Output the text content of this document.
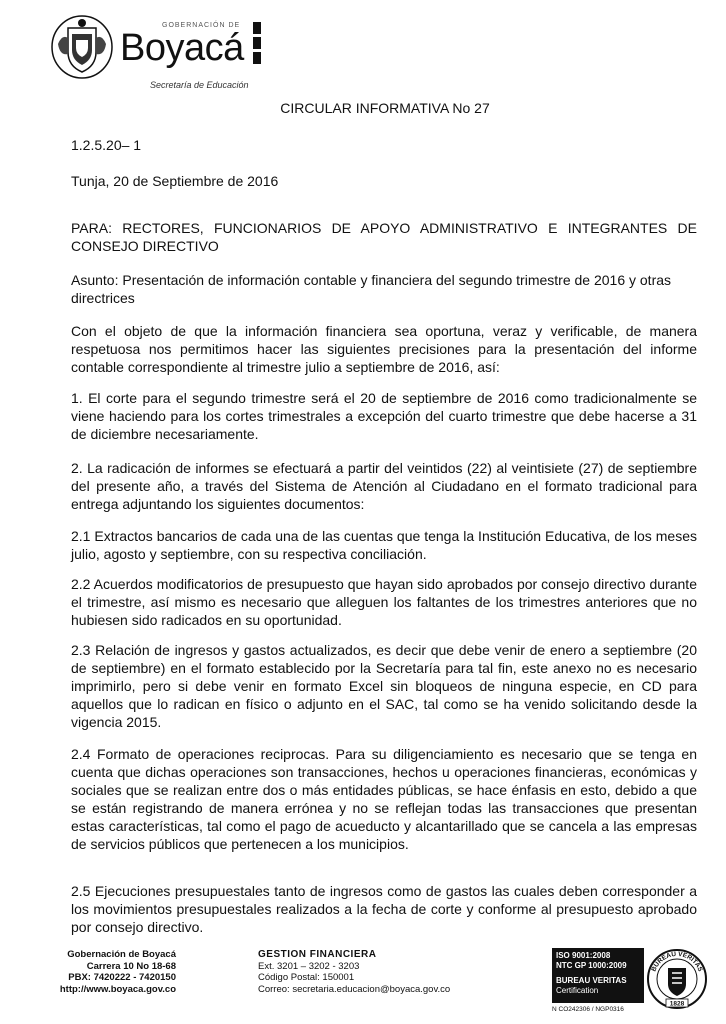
GOBERNACIÓN DE
Boyacá
Secretaría de Educación
CIRCULAR INFORMATIVA No 27
1.2.5.20– 1
Tunja, 20 de Septiembre de 2016

PARA: RECTORES, FUNCIONARIOS DE APOYO ADMINISTRATIVO E INTEGRANTES DE CONSEJO DIRECTIVO

Asunto: Presentación de información contable y financiera del segundo trimestre de 2016 y otras directrices

Con el objeto de que la información financiera sea oportuna, veraz y verificable, de manera respetuosa nos permitimos hacer las siguientes precisiones para la presentación del informe contable correspondiente al trimestre julio a septiembre de 2016, así:

1. El corte para el segundo trimestre será el 20 de septiembre de 2016 como tradicionalmente se viene haciendo para los cortes trimestrales a excepción del cuarto trimestre que debe hacerse a 31 de diciembre necesariamente.

2. La radicación de informes se efectuará a partir del veintidos (22) al veintisiete (27) de septiembre del presente año, a través del Sistema de Atención al Ciudadano en el formato tradicional para entrega adjuntando los siguientes documentos:

2.1 Extractos bancarios de cada una de las cuentas que tenga la Institución Educativa, de los meses julio, agosto y septiembre, con su respectiva conciliación.

2.2 Acuerdos modificatorios de presupuesto que hayan sido aprobados por consejo directivo durante el trimestre, así mismo es necesario que alleguen los faltantes de los trimestres anteriores que no hubiesen sido radicados en su oportunidad.

2.3 Relación de ingresos y gastos actualizados, es decir que debe venir de enero a septiembre (20 de septiembre) en el formato establecido por la Secretaría para tal fin, este anexo no es necesario imprimirlo, pero si debe venir en formato Excel sin bloqueos de ninguna especie, en CD para aquellos que lo radican en físico o adjunto en el SAC, tal como se ha venido solicitando desde la vigencia 2015.

2.4 Formato de operaciones reciprocas. Para su diligenciamiento es necesario que se tenga en cuenta que dichas operaciones son transacciones, hechos u operaciones financieras, económicas y sociales que se realizan entre dos o más entidades públicas, se hace énfasis en esto, debido a que se están registrando de manera errónea y no se reflejan todas las transacciones que presentan estas características, tal como el pago de acueducto y alcantarillado que se cancela a las empresas de servicios públicos que pertenecen a los municipios.

2.5 Ejecuciones presupuestales tanto de ingresos como de gastos las cuales deben corresponder a los movimientos presupuestales realizados a la fecha de corte y conforme al presupuesto aprobado por consejo directivo.

Gobernación de Boyacá
Carrera 10 No 18-68
PBX: 7420222 - 7420150
http://www.boyaca.gov.co
GESTION FINANCIERA
Ext. 3201 – 3202 - 3203
Código Postal: 150001
Correo: secretaria.educacion@boyaca.gov.co
ISO 9001:2008
NTC GP 1000:2009
BUREAU VERITAS
Certification
N CO242306 / NGP0316
BUREAU VERITAS
1828
